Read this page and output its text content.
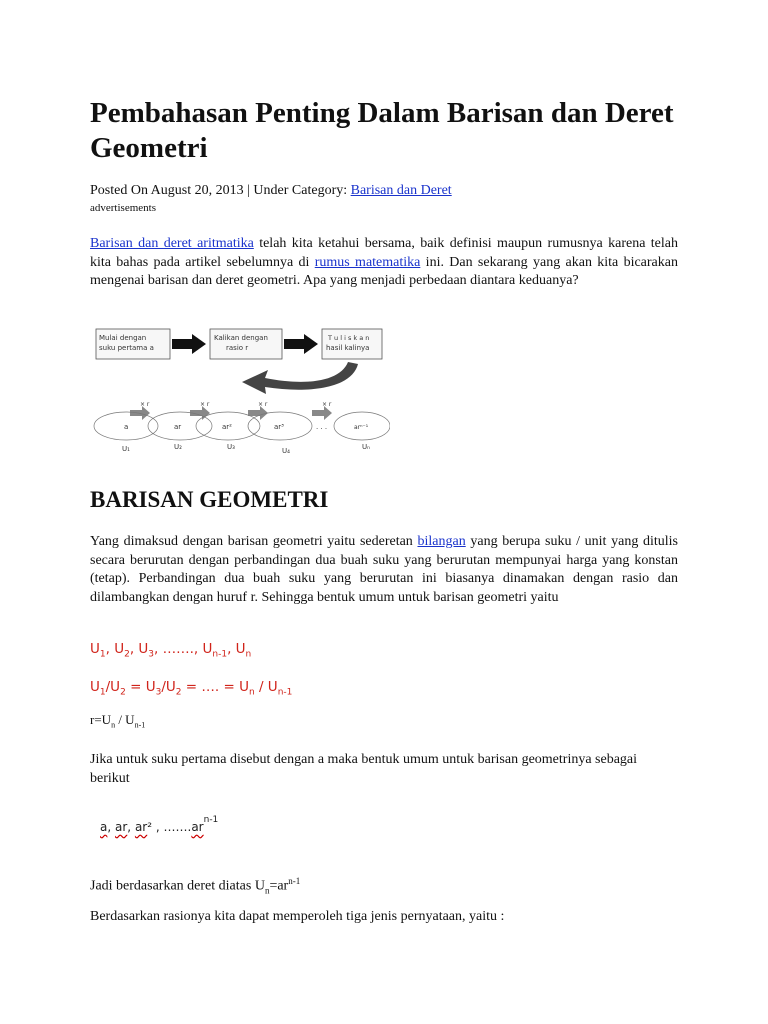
Pembahasan Penting Dalam Barisan dan Deret Geometri
Posted On August 20, 2013 | Under Category: Barisan dan Deret
advertisements
Barisan dan deret aritmatika telah kita ketahui bersama, baik definisi maupun rumusnya karena telah kita bahas pada artikel sebelumnya di rumus matematika ini. Dan sekarang yang akan kita bicarakan mengenai barisan dan deret geometri. Apa yang menjadi perbedaan diantara keduanya?
Mulai dengan
suku pertama a
Kalikan dengan
rasio r
T u l i s k a n
hasil kalinya
× r	× r	× r	× r
a	ar	ar²	ar³	. . .	arⁿ⁻¹
U₁	U₂	U₃	U₄	Uₙ
BARISAN GEOMETRI
Yang dimaksud dengan barisan geometri yaitu sederetan bilangan yang berupa suku / unit yang ditulis secara berurutan dengan perbandingan dua buah suku yang berurutan mempunyai harga yang konstan (tetap). Perbandingan dua buah suku yang berurutan ini biasanya dinamakan dengan rasio dan dilambangkan dengan huruf r. Sehingga bentuk umum untuk barisan geometri yaitu
$U_1$, $U_2$, $U_3$, ……., $U_{n-1}$, $U_n$
$U_1/U_2 = U_3/U_2$ = …. = $U_n / U_{n-1}$
$r=U_n / U_{n-1}$
Jika untuk suku pertama disebut dengan a maka bentuk umum untuk barisan geometrinya sebagai berikut
a, ar, ar² , $\dots\dots.ar^{n-1}$
Jadi berdasarkan deret diatas $U_n=ar^{n-1}$
Berdasarkan rasionya kita dapat memperoleh tiga jenis pernyataan, yaitu :
